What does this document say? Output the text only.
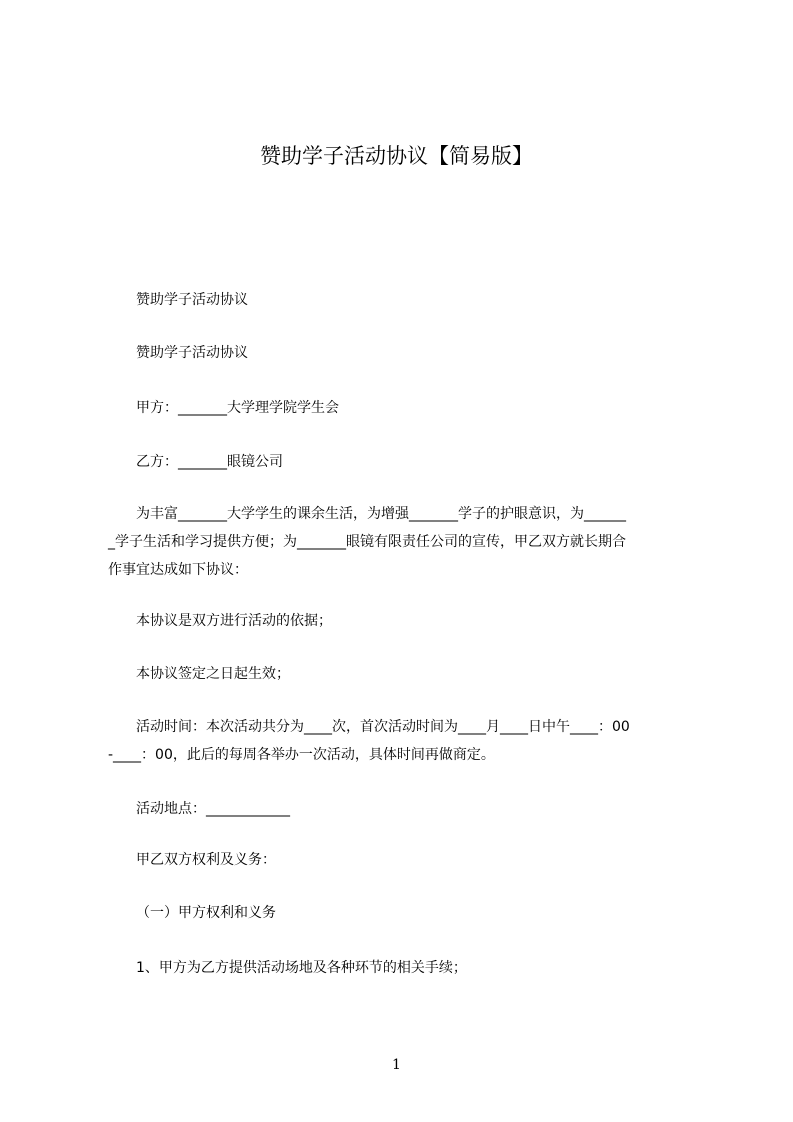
赞助学子活动协议【简易版】

赞助学子活动协议

赞助学子活动协议

甲方：_______大学理学院学生会

乙方：_______眼镜公司

为丰富_______大学学生的课余生活，为增强_______学子的护眼意识，为______
_学子生活和学习提供方便；为_______眼镜有限责任公司的宣传，甲乙双方就长期合
作事宜达成如下协议：

本协议是双方进行活动的依据；

本协议签定之日起生效；

活动时间：本次活动共分为____次，首次活动时间为____月____日中午____：00
-____：00，此后的每周各举办一次活动，具体时间再做商定。

活动地点：____________

甲乙双方权利及义务：

（一）甲方权利和义务

1、甲方为乙方提供活动场地及各种环节的相关手续；

1
